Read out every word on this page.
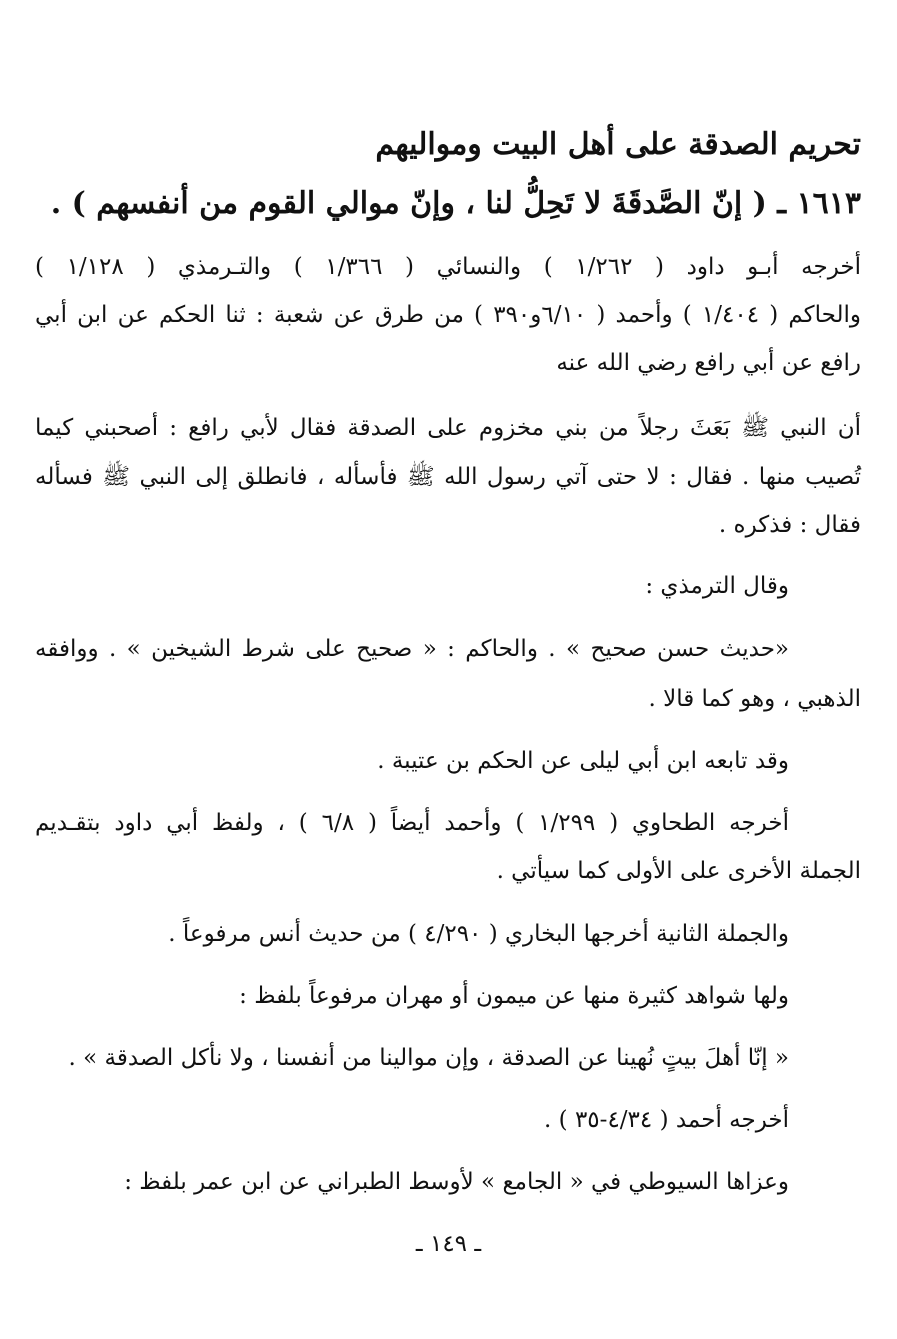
تحريم الصدقة على أهل البيت ومواليهم
١٦١٣ ـ ( إنّ الصَّدقَةَ لا تَحِلُّ لنا ، وإنّ موالي القوم من أنفسهم ) .
أخرجه أبـو داود ( ١/٢٦٢ ) والنسائي ( ١/٣٦٦ ) والتـرمذي ( ١/١٢٨ )
والحاكم ( ١/٤٠٤ ) وأحمد ( ٦/١٠و٣٩٠ ) من طرق عن شعبة : ثنا الحكم عن ابن أبي
رافع عن أبي رافع رضي الله عنه
أن النبي ﷺ بَعَثَ رجلاً من بني مخزوم على الصدقة فقال لأبي رافع : أصحبني كيما
تُصيب منها . فقال : لا حتى آتي رسول الله ﷺ فأسأله ، فانطلق إلى النبي ﷺ فسأله
فقال : فذكره .
وقال الترمذي :
«حديث حسن صحيح » . والحاكم : « صحيح على شرط الشيخين » . ووافقه
الذهبي ، وهو كما قالا .
وقد تابعه ابن أبي ليلى عن الحكم بن عتيبة .
أخرجه الطحاوي ( ١/٢٩٩ ) وأحمد أيضاً ( ٦/٨ ) ، ولفظ أبي داود بتقـديم
الجملة الأخرى على الأولى كما سيأتي .
والجملة الثانية أخرجها البخاري ( ٤/٢٩٠ ) من حديث أنس مرفوعاً .
ولها شواهد كثيرة منها عن ميمون أو مهران مرفوعاً بلفظ :
« إنّا أهلَ بيتٍ نُهينا عن الصدقة ، وإن موالينا من أنفسنا ، ولا نأكل الصدقة » .
أخرجه أحمد ( ٤/٣٤-٣٥ ) .
وعزاها السيوطي في « الجامع » لأوسط الطبراني عن ابن عمر بلفظ :
ـ ١٤٩ ـ
